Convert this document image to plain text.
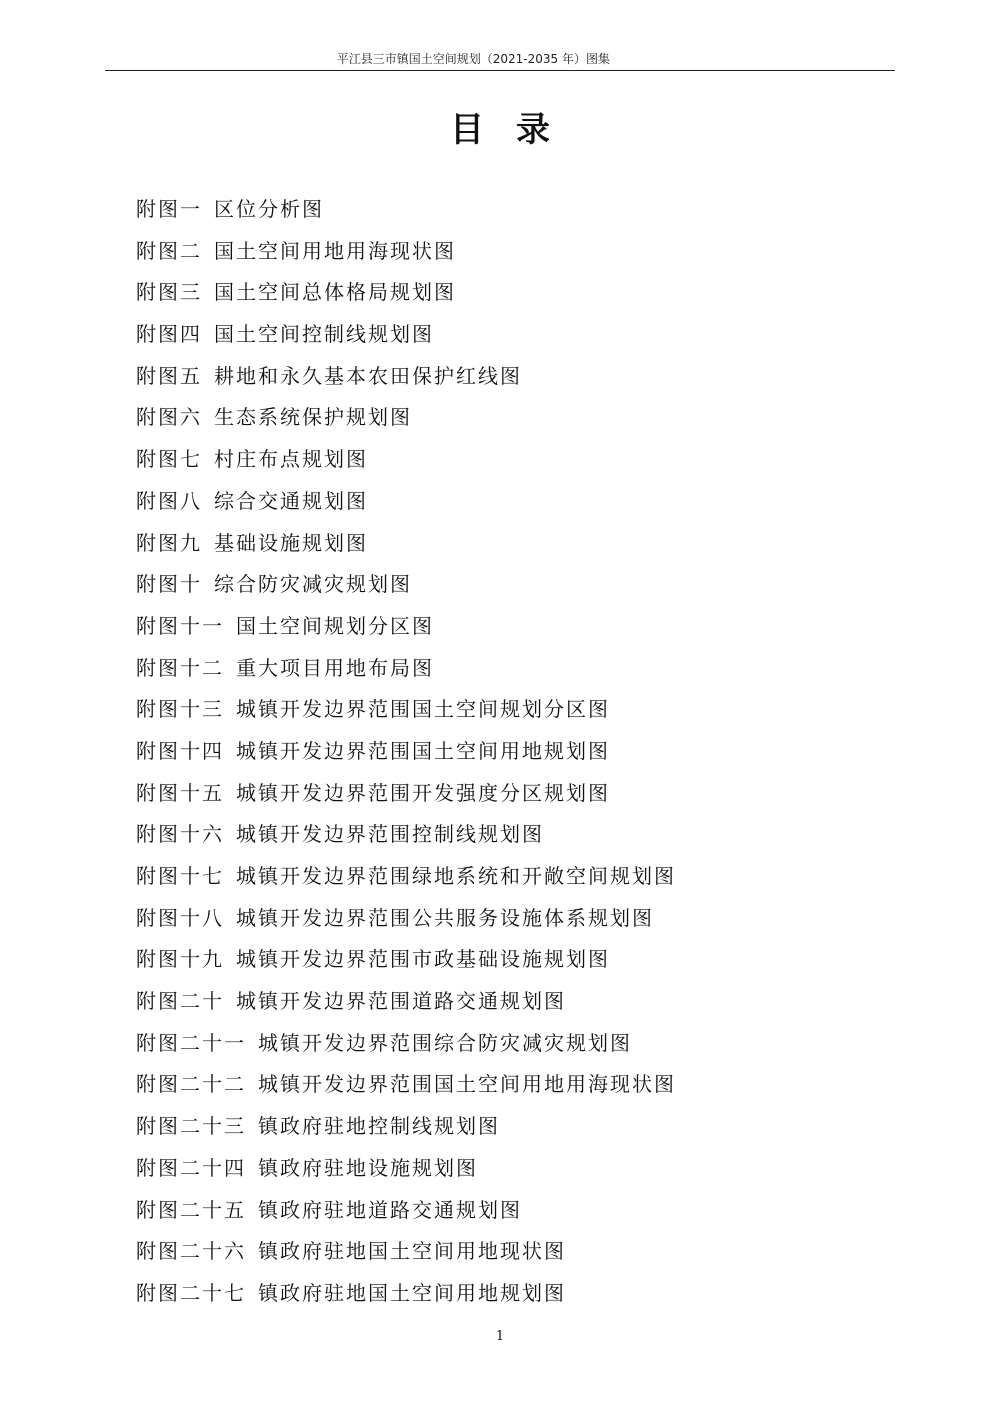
平江县三市镇国土空间规划（2021-2035 年）图集
目录
附图一 区位分析图
附图二 国土空间用地用海现状图
附图三 国土空间总体格局规划图
附图四 国土空间控制线规划图
附图五 耕地和永久基本农田保护红线图
附图六 生态系统保护规划图
附图七 村庄布点规划图
附图八 综合交通规划图
附图九 基础设施规划图
附图十 综合防灾减灾规划图
附图十一 国土空间规划分区图
附图十二 重大项目用地布局图
附图十三 城镇开发边界范围国土空间规划分区图
附图十四 城镇开发边界范围国土空间用地规划图
附图十五 城镇开发边界范围开发强度分区规划图
附图十六 城镇开发边界范围控制线规划图
附图十七 城镇开发边界范围绿地系统和开敞空间规划图
附图十八 城镇开发边界范围公共服务设施体系规划图
附图十九 城镇开发边界范围市政基础设施规划图
附图二十 城镇开发边界范围道路交通规划图
附图二十一 城镇开发边界范围综合防灾减灾规划图
附图二十二 城镇开发边界范围国土空间用地用海现状图
附图二十三 镇政府驻地控制线规划图
附图二十四 镇政府驻地设施规划图
附图二十五 镇政府驻地道路交通规划图
附图二十六 镇政府驻地国土空间用地现状图
附图二十七 镇政府驻地国土空间用地规划图
1
